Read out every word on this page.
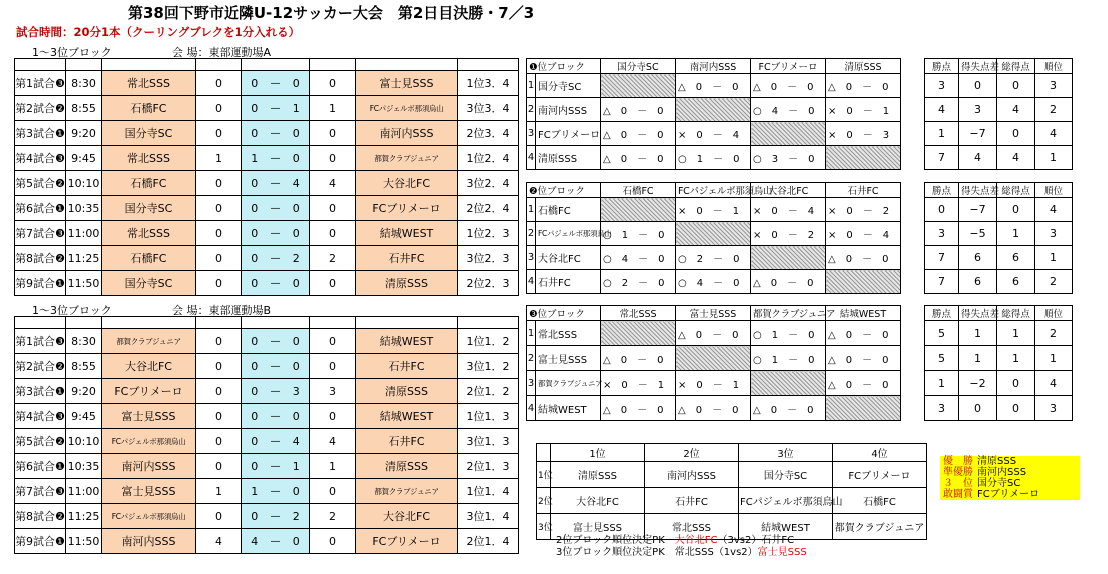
第38回下野市近隣U-12サッカー大会　第2日目決勝・7／3
試合時間：20分1本（クーリングブレクを1分入れる）
1～3位ブロック	会 場：東部運動場A

第1試合❸	8:30	常北SSS	0	0	—	0	0	富士見SSS	1位3．4
第2試合❷	8:55	石橋FC	0	0	—	1	1	FCパジェルボ那須烏山	3位3．4
第3試合❶	9:20	国分寺SC	0	0	—	0	0	南河内SSS	2位3．4
第4試合❸	9:45	常北SSS	1	1	—	0	0	都賀クラブジュニア	1位2．4
第5試合❷	10:10	石橋FC	0	0	—	4	4	大谷北FC	3位2．4
第6試合❶	10:35	国分寺SC	0	0	—	0	0	FCブリメーロ	2位2．4
第7試合❸	11:00	常北SSS	0	0	—	0	0	結城WEST	1位2．3
第8試合❷	11:25	石橋FC	0	0	—	2	2	石井FC	3位2．3
第9試合❶	11:50	国分寺SC	0	0	—	0	0	清原SSS	2位2．3
1～3位ブロック	会 場：東部運動場B

第1試合❸	8:30	都賀クラブジュニア	0	0	—	0	0	結城WEST	1位1．2
第2試合❷	8:55	大谷北FC	0	0	—	0	0	石井FC	3位1．2
第3試合❶	9:20	FCブリメーロ	0	0	—	3	3	清原SSS	2位1．2
第4試合❸	9:45	富士見SSS	0	0	—	0	0	結城WEST	1位1．3
第5試合❷	10:10	FCパジェルボ那須烏山	0	0	—	4	4	石井FC	3位1．3
第6試合❶	10:35	南河内SSS	0	0	—	1	1	清原SSS	2位1．3
第7試合❸	11:00	富士見SSS	1	1	—	0	0	都賀クラブジュニア	1位1．4
第8試合❷	11:25	FCパジェルボ那須烏山	0	0	—	2	2	大谷北FC	3位1．4
第9試合❶	11:50	南河内SSS	4	4	—	0	0	FCブリメーロ	2位1．4
❶位ブロック		国分寺SC	南河内SSS	FCブリメーロ	清原SSS		勝点	得失点差	総得点	順位
1	国分寺SC		△　0　－　0	△　0　－　0	△　0　－　0		3	0	0	3
2	南河内SSS	△　0　－　0		○　4　－　0	×　0　－　1		4	3	4	2
3	FCブリメーロ	△　0　－　0	×　0　－　4		×　0　－　3		1	−7	0	4
4	清原SSS	△　0　－　0	○　1　－　0	○　3　－　0			7	4	4	1
❷位ブロック		石橋FC	FCパジェルボ那須烏山	大谷北FC	石井FC		勝点	得失点差	総得点	順位
1	石橋FC		×　0　－　1	×　0　－　4	×　0　－　2		0	−7	0	4
2	FCパジェルボ那須烏山	○　1　－　0		×　0　－　2	×　0　－　4		3	−5	1	3
3	大谷北FC	○　4　－　0	○　2　－　0		△　0　－　0		7	6	6	1
4	石井FC	○　2　－　0	○　4　－　0	△　0　－　0			7	6	6	2
❸位ブロック		常北SSS	富士見SSS	都賀クラブジュニア	結城WEST		勝点	得失点差	総得点	順位
1	常北SSS		△　0　－　0	○　1　－　0	△　0　－　0		5	1	1	2
2	富士見SSS	△　0　－　0		○　1　－　0	△　0　－　0		5	1	1	1
3	都賀クラブジュニア	×　0　－　1	×　0　－　1		△　0　－　0		1	−2	0	4
4	結城WEST	△　0　－　0	△　0　－　0	△　0　－　0			3	0	0	3
	1位	2位	3位	4位
1位	清原SSS	南河内SSS	国分寺SC	FCブリメーロ
2位	大谷北FC	石井FC	FCパジェルボ那須烏山	石橋FC
3位	富士見SSS	常北SSS	結城WEST	都賀クラブジュニア
優　勝 清原SSS
準優勝 南河内SSS
３　位 国分寺SC
敢闘賞 FCブリメーロ
2位ブロック順位決定PK　 大谷北FC（3vs2）石井FC
3位ブロック順位決定PK　 常北SSS（1vs2）富士見SSS
